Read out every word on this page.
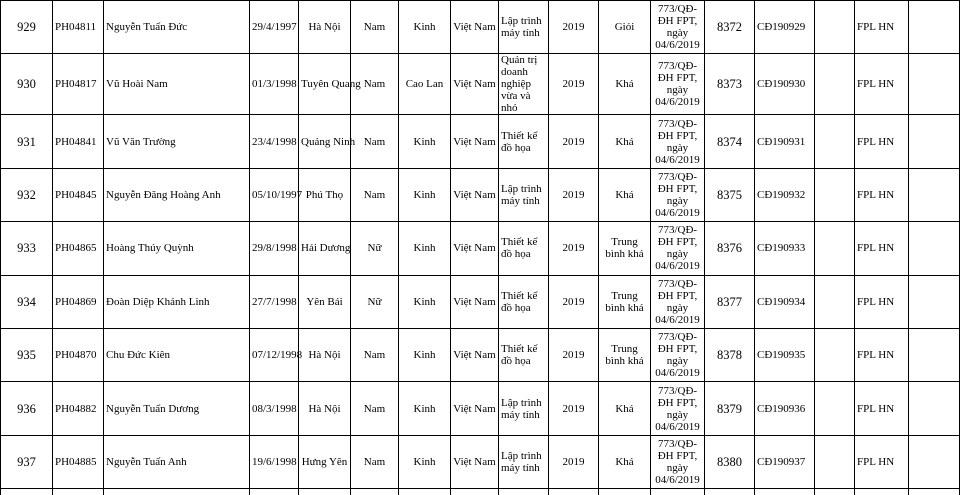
929	PH04811	Nguyễn Tuấn Đức	29/4/1997	Hà Nội	Nam	Kinh	Việt Nam	Lập trình máy tính	2019	Giỏi	773/QĐ-ĐH FPT, ngày 04/6/2019	8372	CĐ190929		FPL HN	
930	PH04817	Vũ Hoài Nam	01/3/1998	Tuyên Quang	Nam	Cao Lan	Việt Nam	Quản trị doanh nghiệp vừa và nhỏ	2019	Khá	773/QĐ-ĐH FPT, ngày 04/6/2019	8373	CĐ190930		FPL HN	
931	PH04841	Vũ Văn Trường	23/4/1998	Quảng Ninh	Nam	Kinh	Việt Nam	Thiết kế đồ họa	2019	Khá	773/QĐ-ĐH FPT, ngày 04/6/2019	8374	CĐ190931		FPL HN	
932	PH04845	Nguyễn Đăng Hoàng Anh	05/10/1997	Phú Thọ	Nam	Kinh	Việt Nam	Lập trình máy tính	2019	Khá	773/QĐ-ĐH FPT, ngày 04/6/2019	8375	CĐ190932		FPL HN	
933	PH04865	Hoàng Thúy Quỳnh	29/8/1998	Hải Dương	Nữ	Kinh	Việt Nam	Thiết kế đồ họa	2019	Trung bình khá	773/QĐ-ĐH FPT, ngày 04/6/2019	8376	CĐ190933		FPL HN	
934	PH04869	Đoàn Diệp Khánh Linh	27/7/1998	Yên Bái	Nữ	Kinh	Việt Nam	Thiết kế đồ họa	2019	Trung bình khá	773/QĐ-ĐH FPT, ngày 04/6/2019	8377	CĐ190934		FPL HN	
935	PH04870	Chu Đức Kiên	07/12/1998	Hà Nội	Nam	Kinh	Việt Nam	Thiết kế đồ họa	2019	Trung bình khá	773/QĐ-ĐH FPT, ngày 04/6/2019	8378	CĐ190935		FPL HN	
936	PH04882	Nguyễn Tuấn Dương	08/3/1998	Hà Nội	Nam	Kinh	Việt Nam	Lập trình máy tính	2019	Khá	773/QĐ-ĐH FPT, ngày 04/6/2019	8379	CĐ190936		FPL HN	
937	PH04885	Nguyễn Tuấn Anh	19/6/1998	Hưng Yên	Nam	Kinh	Việt Nam	Lập trình máy tính	2019	Khá	773/QĐ-ĐH FPT, ngày 04/6/2019	8380	CĐ190937		FPL HN	
